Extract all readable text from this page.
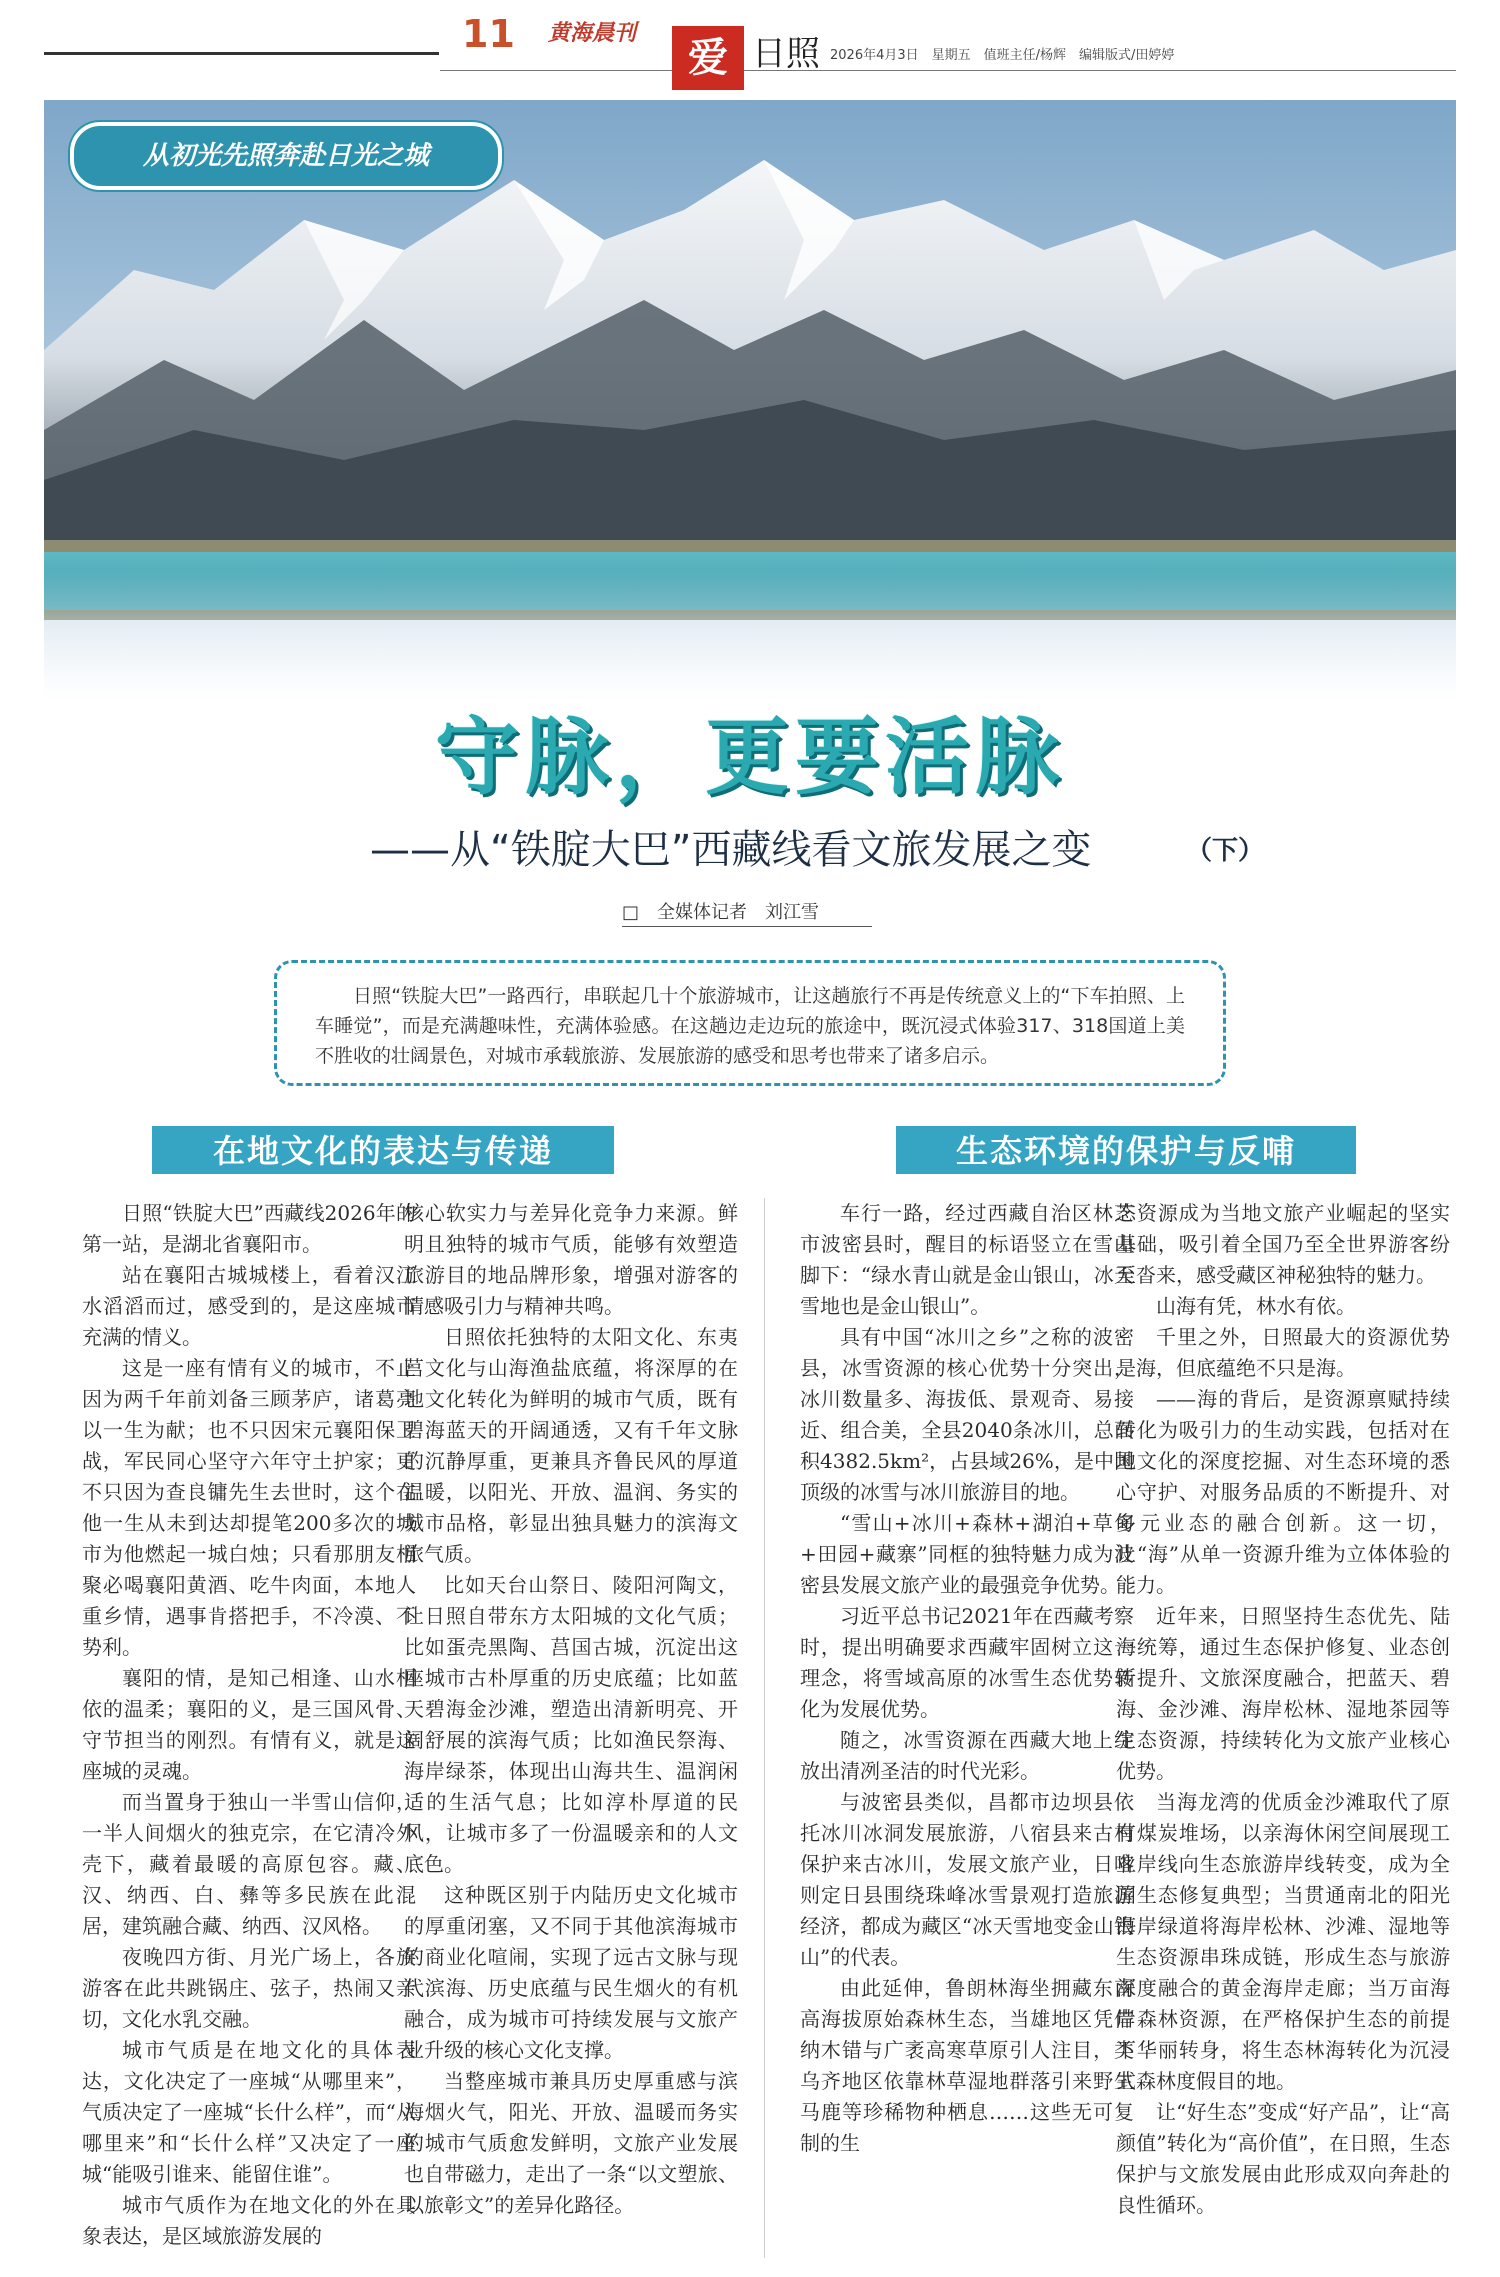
11 黄海晨刊
爱 日照 2026年4月3日　星期五　值班主任/杨辉　编辑版式/田婷婷
从初光先照奔赴日光之城
守脉，更要活脉
——从“铁腚大巴”西藏线看文旅发展之变	（下）
□　全媒体记者　刘江雪
日照“铁腚大巴”一路西行，串联起几十个旅游城市，让这趟旅行不再是传统意义上的“下车拍照、上车睡觉”，而是充满趣味性，充满体验感。在这趟边走边玩的旅途中，既沉浸式体验317、318国道上美不胜收的壮阔景色，对城市承载旅游、发展旅游的感受和思考也带来了诸多启示。
在地文化的表达与传递	生态环境的保护与反哺

日照“铁腚大巴”西藏线2026年的第一站，是湖北省襄阳市。

站在襄阳古城城楼上，看着汉江水滔滔而过，感受到的，是这座城市充满的情义。

这是一座有情有义的城市，不止因为两千年前刘备三顾茅庐，诸葛亮以一生为献；也不只因宋元襄阳保卫战，军民同心坚守六年守土护家；更不只因为查良镛先生去世时，这个在他一生从未到达却提笔200多次的城市为他燃起一城白烛；只看那朋友相聚必喝襄阳黄酒、吃牛肉面，本地人重乡情，遇事肯搭把手，不冷漠、不势利。

襄阳的情，是知己相逢、山水相依的温柔；襄阳的义，是三国风骨、守节担当的刚烈。有情有义，就是这座城的灵魂。

而当置身于独山一半雪山信仰，一半人间烟火的独克宗，在它清冷外壳下，藏着最暖的高原包容。藏、汉、纳西、白、彝等多民族在此混居，建筑融合藏、纳西、汉风格。

夜晚四方街、月光广场上，各族游客在此共跳锅庄、弦子，热闹又亲切，文化水乳交融。

城市气质是在地文化的具体表达，文化决定了一座城“从哪里来”，气质决定了一座城“长什么样”，而“从哪里来”和“长什么样”又决定了一座城“能吸引谁来、能留住谁”。

城市气质作为在地文化的外在具象表达，是区域旅游发展的

核心软实力与差异化竞争力来源。鲜明且独特的城市气质，能够有效塑造旅游目的地品牌形象，增强对游客的情感吸引力与精神共鸣。

日照依托独特的太阳文化、东夷莒文化与山海渔盐底蕴，将深厚的在地文化转化为鲜明的城市气质，既有碧海蓝天的开阔通透，又有千年文脉的沉静厚重，更兼具齐鲁民风的厚道温暖，以阳光、开放、温润、务实的城市品格，彰显出独具魅力的滨海文旅气质。

比如天台山祭日、陵阳河陶文，让日照自带东方太阳城的文化气质；比如蛋壳黑陶、莒国古城，沉淀出这座城市古朴厚重的历史底蕴；比如蓝天碧海金沙滩，塑造出清新明亮、开阔舒展的滨海气质；比如渔民祭海、海岸绿茶，体现出山海共生、温润闲适的生活气息；比如淳朴厚道的民风，让城市多了一份温暖亲和的人文底色。

这种既区别于内陆历史文化城市的厚重闭塞，又不同于其他滨海城市的商业化喧闹，实现了远古文脉与现代滨海、历史底蕴与民生烟火的有机融合，成为城市可持续发展与文旅产业升级的核心文化支撑。

当整座城市兼具历史厚重感与滨海烟火气，阳光、开放、温暖而务实的城市气质愈发鲜明，文旅产业发展也自带磁力，走出了一条“以文塑旅、以旅彰文”的差异化路径。

车行一路，经过西藏自治区林芝市波密县时，醒目的标语竖立在雪山脚下：“绿水青山就是金山银山，冰天雪地也是金山银山”。

具有中国“冰川之乡”之称的波密县，冰雪资源的核心优势十分突出，冰川数量多、海拔低、景观奇、易接近、组合美，全县2040条冰川，总面积4382.5km²，占县域26%，是中国顶级的冰雪与冰川旅游目的地。

“雪山+冰川+森林+湖泊+草甸+田园+藏寨”同框的独特魅力成为波密县发展文旅产业的最强竞争优势。

习近平总书记2021年在西藏考察时，提出明确要求西藏牢固树立这一理念，将雪域高原的冰雪生态优势转化为发展优势。

随之，冰雪资源在西藏大地上绽放出清冽圣洁的时代光彩。

与波密县类似，昌都市边坝县依托冰川冰洞发展旅游，八宿县来古村保护来古冰川，发展文旅产业，日喀则定日县围绕珠峰冰雪景观打造旅游经济，都成为藏区“冰天雪地变金山银山”的代表。

由此延伸，鲁朗林海坐拥藏东南高海拔原始森林生态，当雄地区凭借纳木错与广袤高寒草原引人注目，类乌齐地区依靠林草湿地群落引来野生马鹿等珍稀物种栖息……这些无可复制的生

态资源成为当地文旅产业崛起的坚实基础，吸引着全国乃至全世界游客纷至沓来，感受藏区神秘独特的魅力。

山海有凭，林水有依。

千里之外，日照最大的资源优势是海，但底蕴绝不只是海。

——海的背后，是资源禀赋持续转化为吸引力的生动实践，包括对在地文化的深度挖掘、对生态环境的悉心守护、对服务品质的不断提升、对多元业态的融合创新。这一切，让“海”从单一资源升维为立体体验的能力。

近年来，日照坚持生态优先、陆海统筹，通过生态保护修复、业态创新提升、文旅深度融合，把蓝天、碧海、金沙滩、海岸松林、湿地茶园等生态资源，持续转化为文旅产业核心优势。

当海龙湾的优质金沙滩取代了原有煤炭堆场，以亲海休闲空间展现工业岸线向生态旅游岸线转变，成为全国生态修复典型；当贯通南北的阳光海岸绿道将海岸松林、沙滩、湿地等生态资源串珠成链，形成生态与旅游深度融合的黄金海岸走廊；当万亩海岸森林资源，在严格保护生态的前提下华丽转身，将生态林海转化为沉浸式森林度假目的地。

让“好生态”变成“好产品”，让“高颜值”转化为“高价值”，在日照，生态保护与文旅发展由此形成双向奔赴的良性循环。
